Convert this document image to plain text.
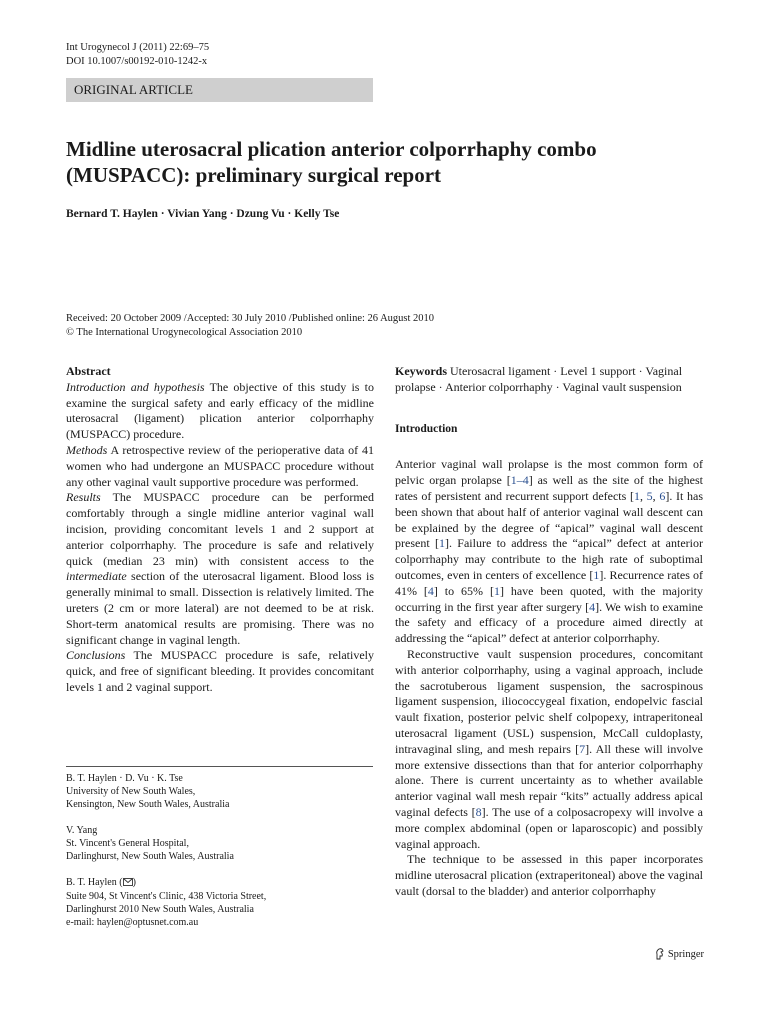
Int Urogynecol J (2011) 22:69–75
DOI 10.1007/s00192-010-1242-x
ORIGINAL ARTICLE
Midline uterosacral plication anterior colporrhaphy combo
(MUSPACC): preliminary surgical report
Bernard T. Haylen · Vivian Yang · Dzung Vu · Kelly Tse
Received: 20 October 2009 /Accepted: 30 July 2010 /Published online: 26 August 2010
© The International Urogynecological Association 2010
Abstract

Introduction and hypothesis The objective of this study is to examine the surgical safety and early efficacy of the midline uterosacral (ligament) plication anterior colporrhaphy (MUSPACC) procedure.

Methods A retrospective review of the perioperative data of 41 women who had undergone an MUSPACC procedure without any other vaginal vault supportive procedure was performed.

Results The MUSPACC procedure can be performed comfortably through a single midline anterior vaginal wall incision, providing concomitant levels 1 and 2 support at anterior colporrhaphy. The procedure is safe and relatively quick (median 23 min) with consistent access to the intermediate section of the uterosacral ligament. Blood loss is generally minimal to small. Dissection is relatively limited. The ureters (2 cm or more lateral) are not deemed to be at risk. Short-term anatomical results are promising. There was no significant change in vaginal length.

Conclusions The MUSPACC procedure is safe, relatively quick, and free of significant bleeding. It provides concomitant levels 1 and 2 vaginal support.

B. T. Haylen · D. Vu · K. Tse
University of New South Wales,
Kensington, New South Wales, Australia
V. Yang
St. Vincent's General Hospital,
Darlinghurst, New South Wales, Australia
B. T. Haylen ( )
Suite 904, St Vincent's Clinic, 438 Victoria Street,
Darlinghurst 2010 New South Wales, Australia
e-mail: haylen@optusnet.com.au

Keywords Uterosacral ligament · Level 1 support · Vaginal prolapse · Anterior colporrhaphy · Vaginal vault suspension

Introduction

Anterior vaginal wall prolapse is the most common form of pelvic organ prolapse [1–4] as well as the site of the highest rates of persistent and recurrent support defects [1, 5, 6]. It has been shown that about half of anterior vaginal wall descent can be explained by the degree of “apical” vaginal wall descent present [1]. Failure to address the “apical” defect at anterior colporrhaphy may contribute to the high rate of suboptimal outcomes, even in centers of excellence [1]. Recurrence rates of 41% [4] to 65% [1] have been quoted, with the majority occurring in the first year after surgery [4]. We wish to examine the safety and efficacy of a procedure aimed directly at addressing the “apical” defect at anterior colporrhaphy.

Reconstructive vault suspension procedures, concomitant with anterior colporrhaphy, using a vaginal approach, include the sacrotuberous ligament suspension, the sacrospinous ligament suspension, iliococcygeal fixation, endopelvic fascial vault fixation, posterior pelvic shelf colpopexy, intraperitoneal uterosacral ligament (USL) suspension, McCall culdoplasty, intravaginal sling, and mesh repairs [7]. All these will involve more extensive dissections than that for anterior colporrhaphy alone. There is current uncertainty as to whether available anterior vaginal wall mesh repair “kits” actually address apical vaginal defects [8]. The use of a colposacropexy will involve a more complex abdominal (open or laparoscopic) and possibly vaginal approach.

The technique to be assessed in this paper incorporates midline uterosacral plication (extraperitoneal) above the vaginal vault (dorsal to the bladder) and anterior colporrhaphy

Springer
